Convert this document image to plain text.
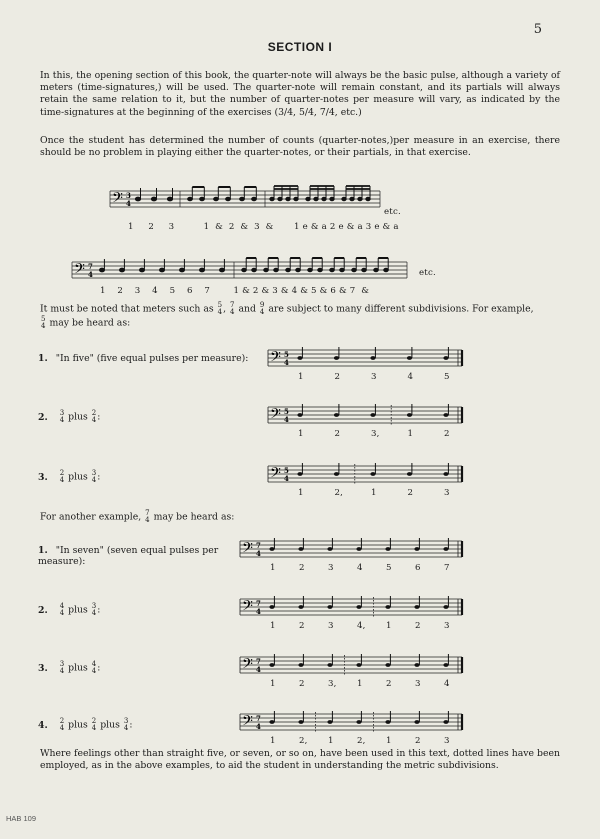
5
SECTION I
In this, the opening section of this book, the quarter-note will always be the basic pulse, although a variety of meters (time-signatures,) will be used. The quarter-note will remain constant, and its partials will always retain the same relation to it, but the number of quarter-notes per measure will vary, as indicated by the time-signatures at the beginning of the exercises (3/4, 5/4, 7/4, etc.)
Once the student has determined the number of counts (quarter-notes,)per measure in an exercise, there should be no problem in playing either the quarter-notes, or their partials, in that exercise.
𝄢 3
4
1     2     3          1  &  2  &  3  &       1 e & a 2 e & a 3 e & a
etc.
𝄢 7
4
1    2    3    4    5    6    7        1 & 2 & 3 & 4 & 5 & 6 & 7  &
etc.
It must be noted that meters such as 5
4 , 7
4 and 9
4 are subject to many different subdivisions. For example,

5
4 may be heard as:
1. "In five" (five equal pulses per measure):
2. 3
4 plus 2
4 :
3. 2
4 plus 3
4 :
For another example, 7
4 may be heard as:
1. "In seven" (seven equal pulses per measure):
2. 4
4 plus 3
4 :
3. 3
4 plus 4
4 :
4. 2
4 plus 2
4 plus 3
4 :
Where feelings other than straight five, or seven, or so on, have been used in this text, dotted lines have been employed, as in the above examples, to aid the student in understanding the metric subdivisions.
HAB 109
𝄢 5
4
1	2	3	4	5
𝄢 5
4
1	2	3,	1	2
𝄢 5
4
1	2,	1	2	3
𝄢 7
4
1	2	3	4	5	6	7
𝄢 7
4
1	2	3	4, 1	2	3
𝄢 7
4
1	2	3, 1	2	3	4
𝄢 7
4
1	2, 1	2, 1	2	3
